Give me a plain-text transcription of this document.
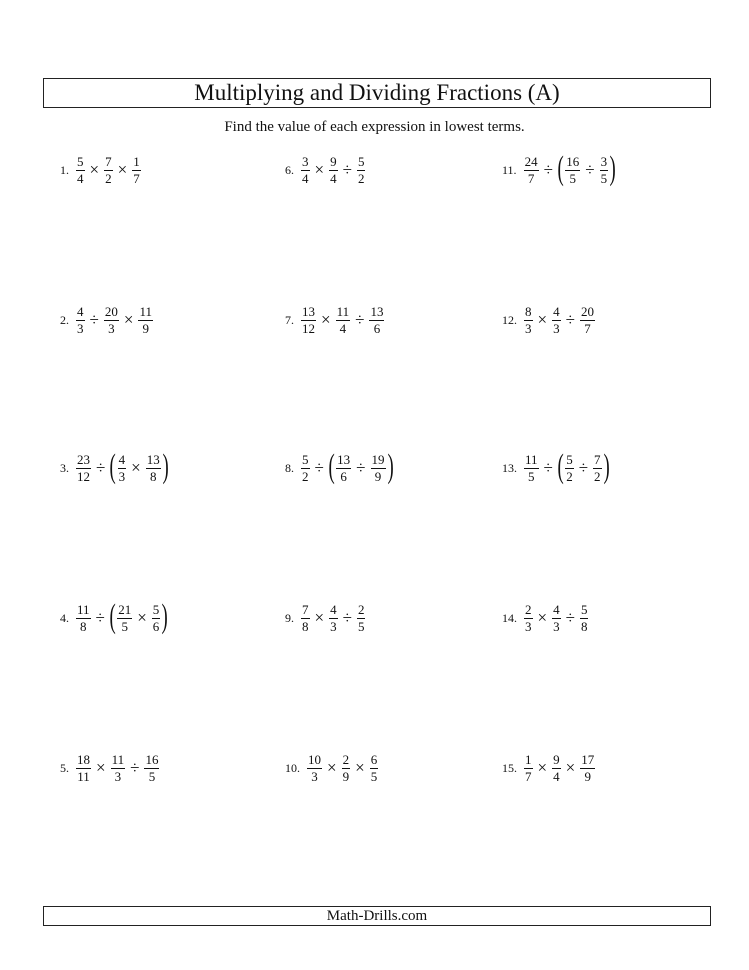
Multiplying and Dividing Fractions (A)
Find the value of each expression in lowest terms.
1. $\frac{5}{4} \times \frac{7}{2} \times \frac{1}{7}$
2. $\frac{4}{3} \div \frac{20}{3} \times \frac{11}{9}$
3. $\frac{23}{12}$ ÷ ( $\frac{4}{3} \times \frac{13}{8}$ )
4. $\frac{11}{8}$ ÷ ( $\frac{21}{5} \times \frac{5}{6}$ )
5. $\frac{18}{11} \times \frac{11}{3} \div \frac{16}{5}$
6. $\frac{3}{4} \times \frac{9}{4} \div \frac{5}{2}$
7. $\frac{13}{12} \times \frac{11}{4} \div \frac{13}{6}$
8. $\frac{5}{2}$ ÷ ( $\frac{13}{6} \div \frac{19}{9}$ )
9. $\frac{7}{8} \times \frac{4}{3} \div \frac{2}{5}$
10. $\frac{10}{3} \times \frac{2}{9} \times \frac{6}{5}$
11. $\frac{24}{7}$ ÷ ( $\frac{16}{5} \div \frac{3}{5}$ )
12. $\frac{8}{3} \times \frac{4}{3} \div \frac{20}{7}$
13. $\frac{11}{5}$ ÷ ( $\frac{5}{2} \div \frac{7}{2}$ )
14. $\frac{2}{3} \times \frac{4}{3} \div \frac{5}{8}$
15. $\frac{1}{7} \times \frac{9}{4} \times \frac{17}{9}$
Math-Drills.com
